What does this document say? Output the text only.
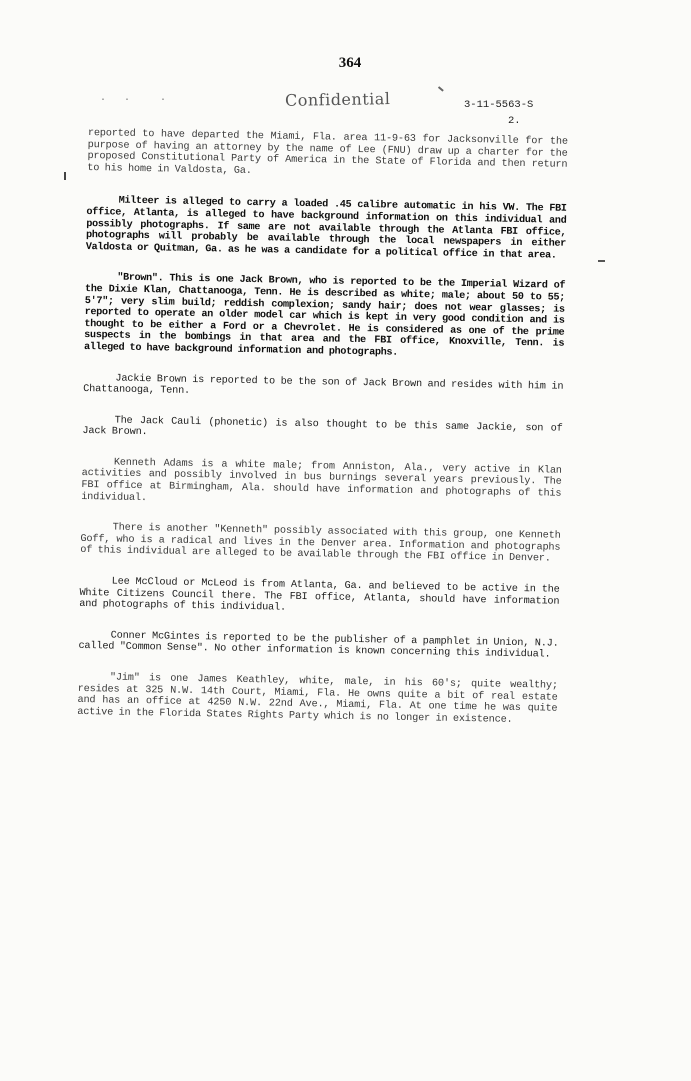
364
·   ·     ·	Confidential	3-11-5563-S
2.

reported to have departed the Miami, Fla. area 11-9-63 for Jacksonville for the purpose of having an attorney by the name of Lee (FNU) draw up a charter for the proposed Constitutional Party of America in the State of Florida and then return to his home in Valdosta, Ga.

Milteer is alleged to carry a loaded .45 calibre automatic in his VW. The FBI office, Atlanta, is alleged to have background information on this individual and possibly photographs. If same are not available through the Atlanta FBI office, photographs will probably be available through the local newspapers in either Valdosta or Quitman, Ga. as he was a candidate for a political office in that area.

"Brown". This is one Jack Brown, who is reported to be the Imperial Wizard of the Dixie Klan, Chattanooga, Tenn. He is described as white; male; about 50 to 55; 5'7"; very slim build; reddish complexion; sandy hair; does not wear glasses; is reported to operate an older model car which is kept in very good condition and is thought to be either a Ford or a Chevrolet. He is considered as one of the prime suspects in the bombings in that area and the FBI office, Knoxville, Tenn. is alleged to have background information and photographs.

Jackie Brown is reported to be the son of Jack Brown and resides with him in Chattanooga, Tenn.

The Jack Cauli (phonetic) is also thought to be this same Jackie, son of Jack Brown.

Kenneth Adams is a white male; from Anniston, Ala., very active in Klan activities and possibly involved in bus burnings several years previously. The FBI office at Birmingham, Ala. should have information and photographs of this individual.

There is another "Kenneth" possibly associated with this group, one Kenneth Goff, who is a radical and lives in the Denver area. Information and photographs of this individual are alleged to be available through the FBI office in Denver.

Lee McCloud or McLeod is from Atlanta, Ga. and believed to be active in the White Citizens Council there. The FBI office, Atlanta, should have information and photographs of this individual.

Conner McGintes is reported to be the publisher of a pamphlet in Union, N.J. called "Common Sense". No other information is known concerning this individual.

"Jim" is one James Keathley, white, male, in his 60's; quite wealthy; resides at 325 N.W. 14th Court, Miami, Fla. He owns quite a bit of real estate and has an office at 4250 N.W. 22nd Ave., Miami, Fla. At one time he was quite active in the Florida States Rights Party which is no longer in existence.
